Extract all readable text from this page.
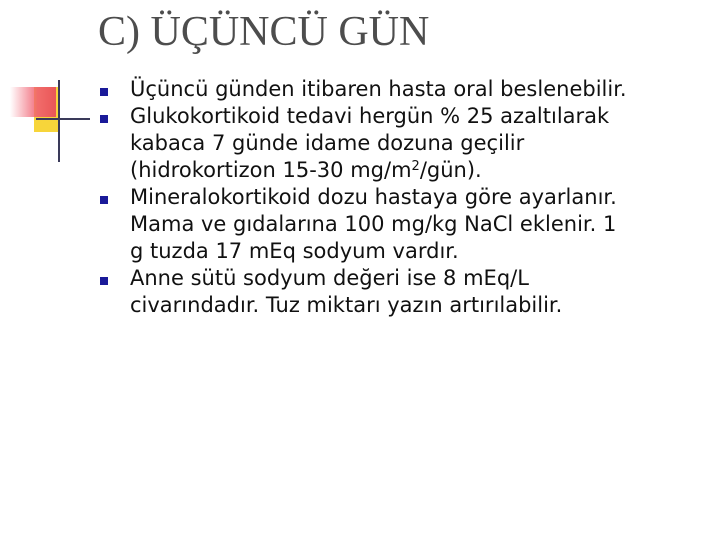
C) ÜÇÜNCÜ GÜN
Üçüncü günden itibaren hasta oral beslenebilir.
Glukokortikoid tedavi hergün % 25 azaltılarak
kabaca 7 günde idame dozuna geçilir
(hidrokortizon 15-30 $mg/m^2/gün$).
Mineralokortikoid dozu hastaya göre ayarlanır.
Mama ve gıdalarına 100 mg/kg NaCl eklenir. 1
g tuzda 17 mEq sodyum vardır.
Anne sütü sodyum değeri ise 8 mEq/L
civarındadır. Tuz miktarı yazın artırılabilir.
